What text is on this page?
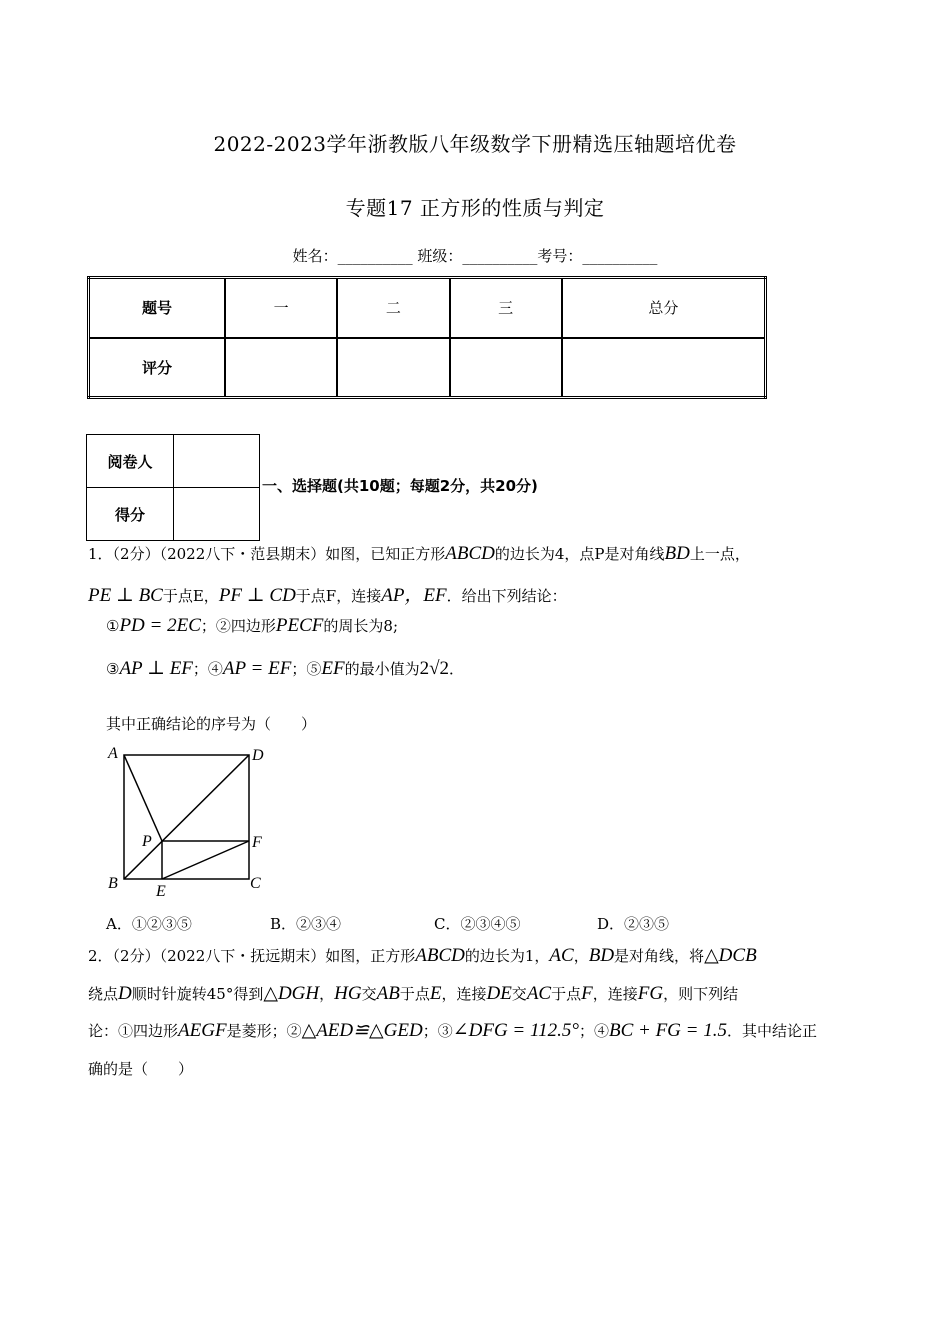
2022-2023学年浙教版八年级数学下册精选压轴题培优卷
专题17 正方形的性质与判定
姓名：__________ 班级：__________考号：__________
题号	一	二	三	总分
评分				
阅卷人	
得分	
一、选择题(共10题；每题2分，共20分)
1．（2分）（2022八下・范县期末）如图，已知正方形ABCD的边长为4，点P是对角线BD上一点，
PE ⊥ BC于点E，PF ⊥ CD于点F，连接AP，EF．给出下列结论：
①PD = 2EC；②四边形PECF的周长为8;
③AP ⊥ EF；④AP = EF；⑤EF的最小值为2√2．
其中正确结论的序号为（　　）
A	D
P	F
B E	C
A．①②③⑤	B．②③④	C．②③④⑤	D．②③⑤
2．（2分）（2022八下・抚远期末）如图，正方形ABCD的边长为1，AC，BD是对角线，将△DCB
绕点D顺时针旋转45°得到△DGH，HG交AB于点E，连接DE交AC于点F，连接FG，则下列结
论：①四边形AEGF是菱形；②△AED≌△GED；③∠DFG = 112.5°；④BC + FG = 1.5．其中结论正
确的是（　　）
